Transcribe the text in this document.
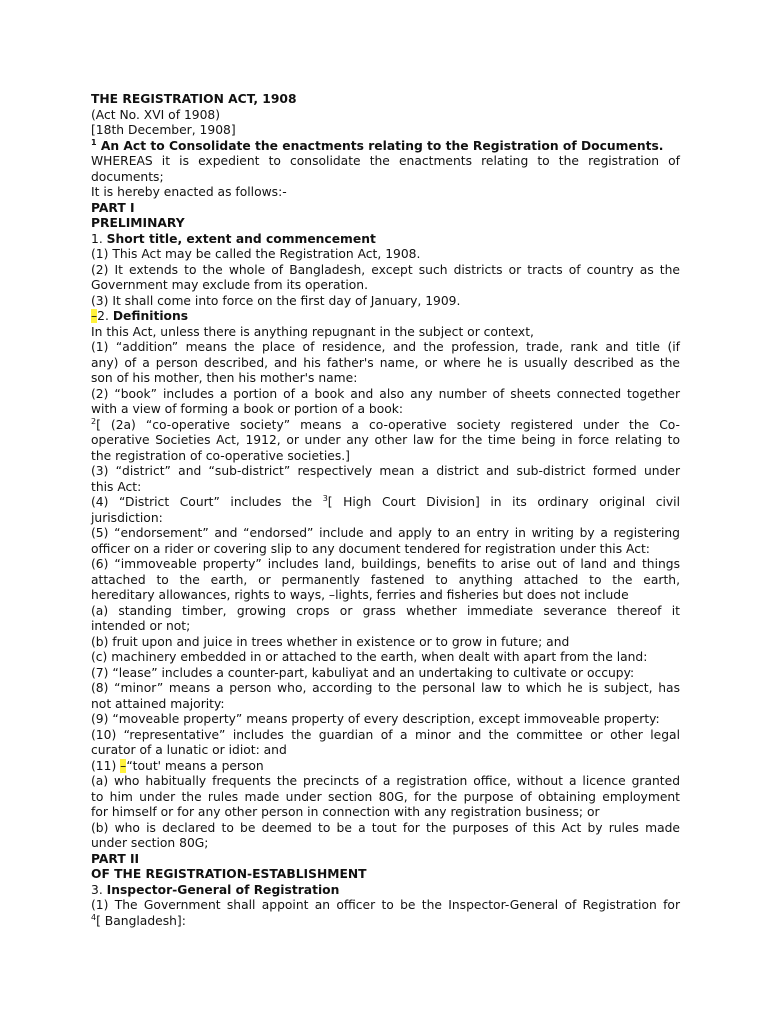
THE REGISTRATION ACT, 1908
(Act No. XVI of 1908)
[18th December, 1908]
$^1$ An Act to Consolidate the enactments relating to the Registration of Documents.
WHEREAS it is expedient to consolidate the enactments relating to the registration of
documents;
It is hereby enacted as follows:-
PART I
PRELIMINARY
1. Short title, extent and commencement
(1) This Act may be called the Registration Act, 1908.
(2) It extends to the whole of Bangladesh, except such districts or tracts of country as the
Government may exclude from its operation.
(3) It shall come into force on the first day of January, 1909.
–2. Definitions
In this Act, unless there is anything repugnant in the subject or context,
(1) “addition” means the place of residence, and the profession, trade, rank and title (if
any) of a person described, and his father's name, or where he is usually described as the
son of his mother, then his mother's name:
(2) “book” includes a portion of a book and also any number of sheets connected together
with a view of forming a book or portion of a book:
$^2$[ (2a) “co-operative society” means a co-operative society registered under the Co-
operative Societies Act, 1912, or under any other law for the time being in force relating to
the registration of co-operative societies.]
(3) “district” and “sub-district” respectively mean a district and sub-district formed under
this Act:
(4) “District Court” includes the $^3$[ High Court Division] in its ordinary original civil
jurisdiction:
(5) “endorsement” and “endorsed” include and apply to an entry in writing by a registering
officer on a rider or covering slip to any document tendered for registration under this Act:
(6) “immoveable property” includes land, buildings, benefits to arise out of land and things
attached to the earth, or permanently fastened to anything attached to the earth,
hereditary allowances, rights to ways, –lights, ferries and fisheries but does not include
(a) standing timber, growing crops or grass whether immediate severance thereof it
intended or not;
(b) fruit upon and juice in trees whether in existence or to grow in future; and
(c) machinery embedded in or attached to the earth, when dealt with apart from the land:
(7) “lease” includes a counter-part, kabuliyat and an undertaking to cultivate or occupy:
(8) “minor” means a person who, according to the personal law to which he is subject, has
not attained majority:
(9) “moveable property” means property of every description, except immoveable property:
(10) “representative” includes the guardian of a minor and the committee or other legal
curator of a lunatic or idiot: and
(11) –“tout' means a person
(a) who habitually frequents the precincts of a registration office, without a licence granted
to him under the rules made under section 80G, for the purpose of obtaining employment
for himself or for any other person in connection with any registration business; or
(b) who is declared to be deemed to be a tout for the purposes of this Act by rules made
under section 80G;
PART II
OF THE REGISTRATION-ESTABLISHMENT
3. Inspector-General of Registration
(1) The Government shall appoint an officer to be the Inspector-General of Registration for
$^4$[ Bangladesh]:
